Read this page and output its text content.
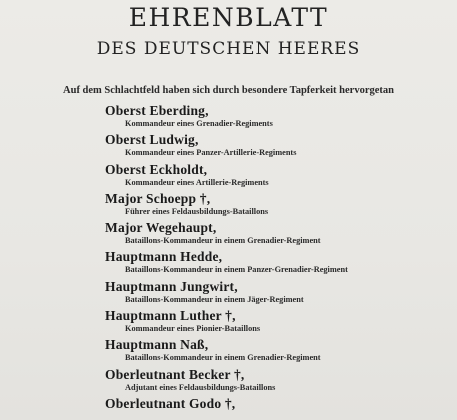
EHRENBLATT
DES DEUTSCHEN HEERES
Auf dem Schlachtfeld haben sich durch besondere Tapferkeit hervorgetan
Oberst Eberding,
Kommandeur eines Grenadier-Regiments
Oberst Ludwig,
Kommandeur eines Panzer-Artillerie-Regiments
Oberst Eckholdt,
Kommandeur eines Artillerie-Regiments
Major Schoepp †,
Führer eines Feldausbildungs-Bataillons
Major Wegehaupt,
Bataillons-Kommandeur in einem Grenadier-Regiment
Hauptmann Hedde,
Bataillons-Kommandeur in einem Panzer-Grenadier-Regiment
Hauptmann Jungwirt,
Bataillons-Kommandeur in einem Jäger-Regiment
Hauptmann Luther †,
Kommandeur eines Pionier-Bataillons
Hauptmann Naß,
Bataillons-Kommandeur in einem Grenadier-Regiment
Oberleutnant Becker †,
Adjutant eines Feldausbildungs-Bataillons
Oberleutnant Godo †,
